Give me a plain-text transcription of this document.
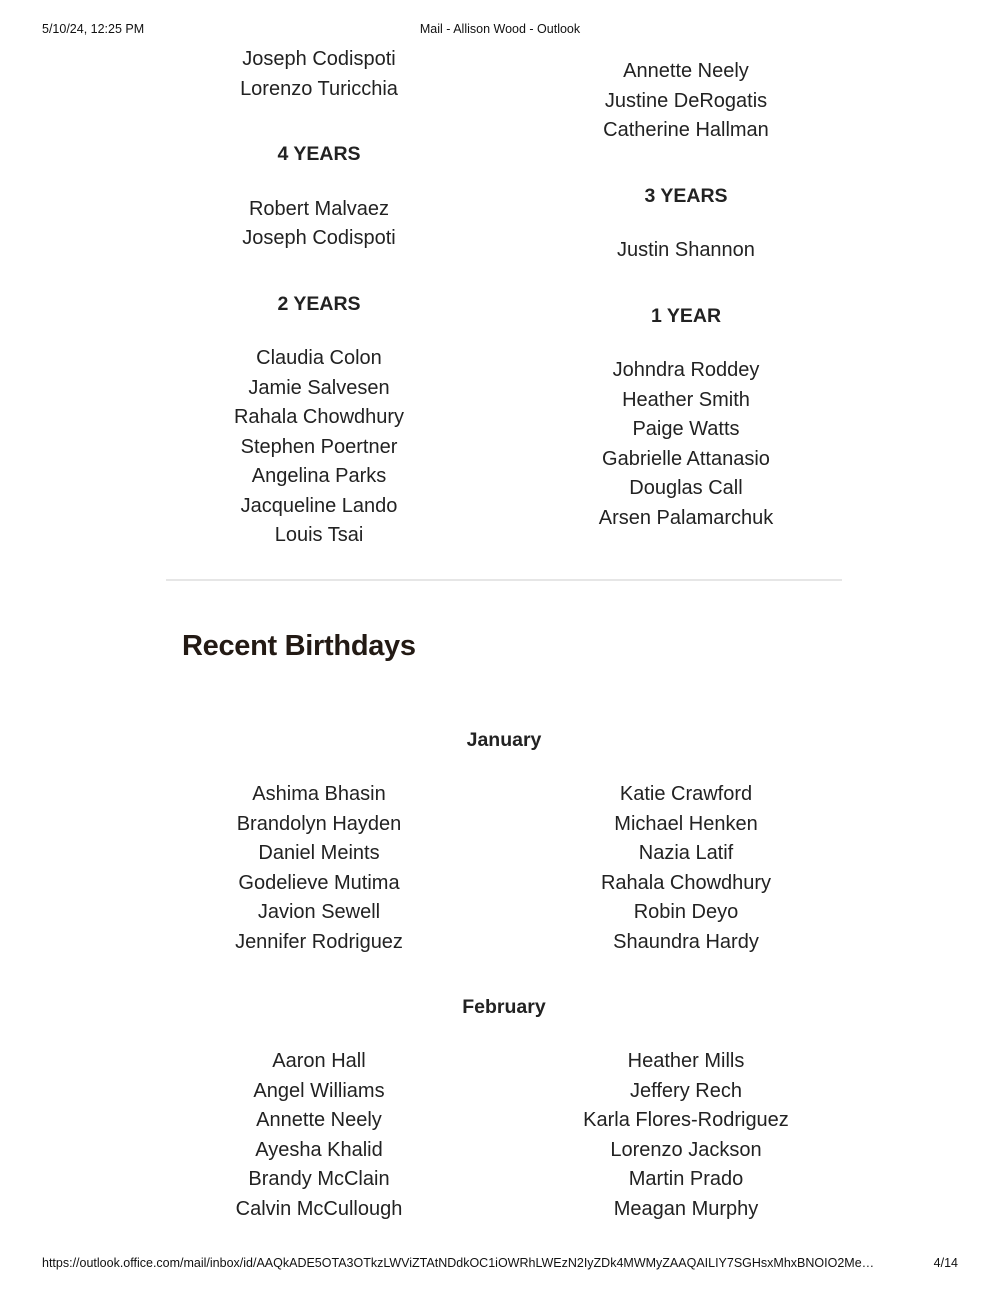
5/10/24, 12:25 PM	Mail - Allison Wood - Outlook
https://outlook.office.com/mail/inbox/id/AAQkADE5OTA3OTkzLWViZTAtNDdkOC1iOWRhLWEzN2IyZDk4MWMyZAAQAILIY7SGHsxMhxBNOIO2Me…	4/14
Joseph Codispoti
Lorenzo Turicchia
4 YEARS
Robert Malvaez
Joseph Codispoti
2 YEARS
Claudia Colon
Jamie Salvesen
Rahala Chowdhury
Stephen Poertner
Angelina Parks
Jacqueline Lando
Louis Tsai
Annette Neely
Justine DeRogatis
Catherine Hallman
3 YEARS
Justin Shannon
1 YEAR
Johndra Roddey
Heather Smith
Paige Watts
Gabrielle Attanasio
Douglas Call
Arsen Palamarchuk
Recent Birthdays
January
Ashima Bhasin
Brandolyn Hayden
Daniel Meints
Godelieve Mutima
Javion Sewell
Jennifer Rodriguez
Katie Crawford
Michael Henken
Nazia Latif
Rahala Chowdhury
Robin Deyo
Shaundra Hardy
February
Aaron Hall
Angel Williams
Annette Neely
Ayesha Khalid
Brandy McClain
Calvin McCullough
Heather Mills
Jeffery Rech
Karla Flores-Rodriguez
Lorenzo Jackson
Martin Prado
Meagan Murphy
